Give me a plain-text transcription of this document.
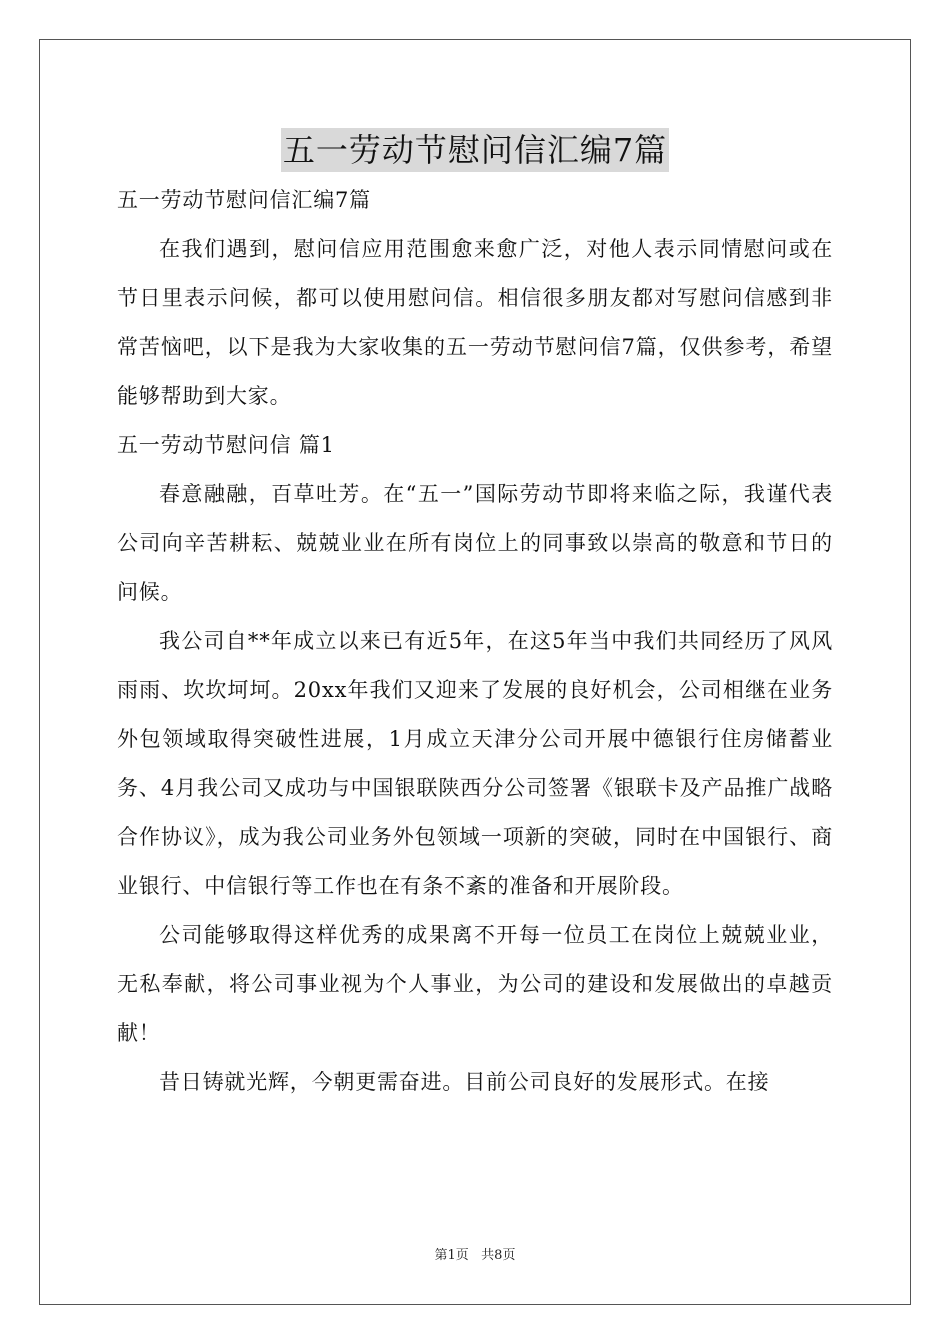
五一劳动节慰问信汇编7篇

五一劳动节慰问信汇编7篇

在我们遇到，慰问信应用范围愈来愈广泛，对他人表示同情慰问或在节日里表示问候，都可以使用慰问信。相信很多朋友都对写慰问信感到非常苦恼吧，以下是我为大家收集的五一劳动节慰问信7篇，仅供参考，希望能够帮助到大家。

五一劳动节慰问信 篇1

春意融融，百草吐芳。在“五一”国际劳动节即将来临之际，我谨代表公司向辛苦耕耘、兢兢业业在所有岗位上的同事致以崇高的敬意和节日的问候。

我公司自**年成立以来已有近5年，在这5年当中我们共同经历了风风雨雨、坎坎坷坷。20xx年我们又迎来了发展的良好机会，公司相继在业务外包领域取得突破性进展，1月成立天津分公司开展中德银行住房储蓄业务、4月我公司又成功与中国银联陕西分公司签署《银联卡及产品推广战略合作协议》，成为我公司业务外包领域一项新的突破，同时在中国银行、商业银行、中信银行等工作也在有条不紊的准备和开展阶段。

公司能够取得这样优秀的成果离不开每一位员工在岗位上兢兢业业，无私奉献，将公司事业视为个人事业，为公司的建设和发展做出的卓越贡献！

昔日铸就光辉，今朝更需奋进。目前公司良好的发展形式。在接

第1页   共8页
